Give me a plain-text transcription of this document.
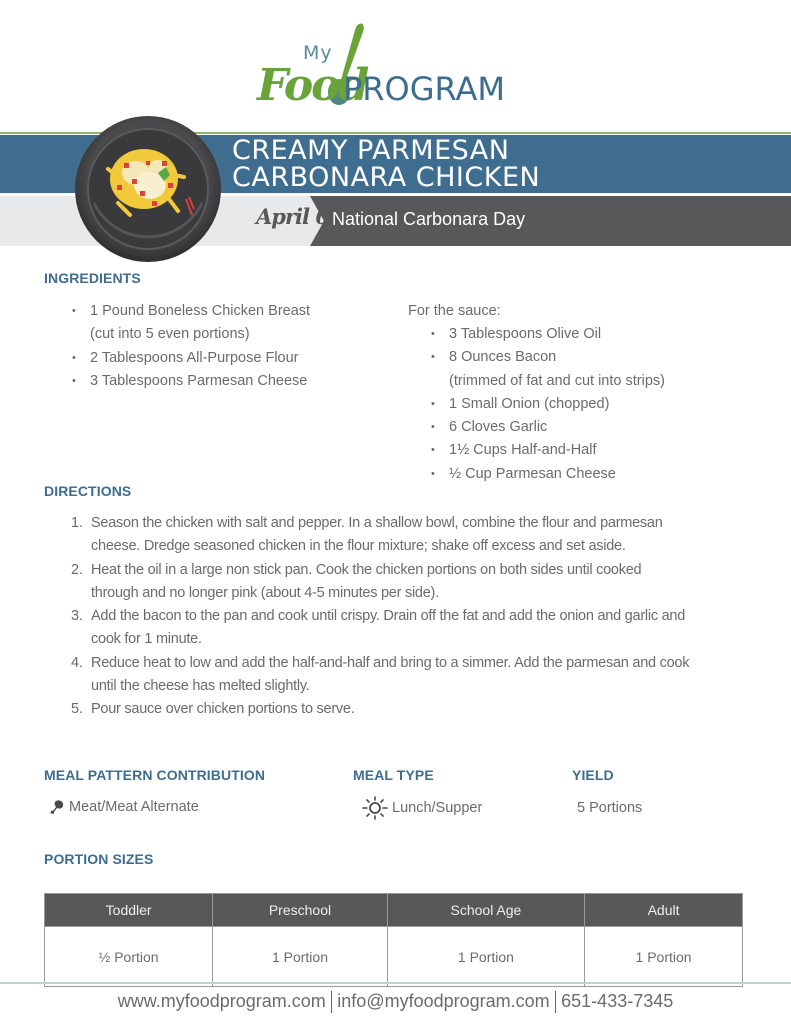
My
Food
PROGRAM
CREAMY PARMESAN
CARBONARA CHICKEN
April 6 National Carbonara Day
INGREDIENTS
• 1 Pound Boneless Chicken Breast
(cut into 5 even portions)
• 2 Tablespoons All-Purpose Flour
• 3 Tablespoons Parmesan Cheese
For the sauce:
• 3 Tablespoons Olive Oil
• 8 Ounces Bacon
(trimmed of fat and cut into strips)
• 1 Small Onion (chopped)
• 6 Cloves Garlic
• 1½ Cups Half-and-Half
• ½ Cup Parmesan Cheese
DIRECTIONS
1. Season the chicken with salt and pepper. In a shallow bowl, combine the flour and parmesan
cheese. Dredge seasoned chicken in the flour mixture; shake off excess and set aside.
2. Heat the oil in a large non stick pan. Cook the chicken portions on both sides until cooked
through and no longer pink (about 4-5 minutes per side).
3. Add the bacon to the pan and cook until crispy. Drain off the fat and add the onion and garlic and
cook for 1 minute.
4. Reduce heat to low and add the half-and-half and bring to a simmer. Add the parmesan and cook
until the cheese has melted slightly.
5. Pour sauce over chicken portions to serve.
MEAL PATTERN CONTRIBUTION
Meat/Meat Alternate
MEAL TYPE
Lunch/Supper
YIELD
5 Portions
PORTION SIZES
Toddler	Preschool	School Age	Adult
½ Portion	1 Portion	1 Portion	1 Portion
www.myfoodprogram.com info@myfoodprogram.com 651-433-7345
